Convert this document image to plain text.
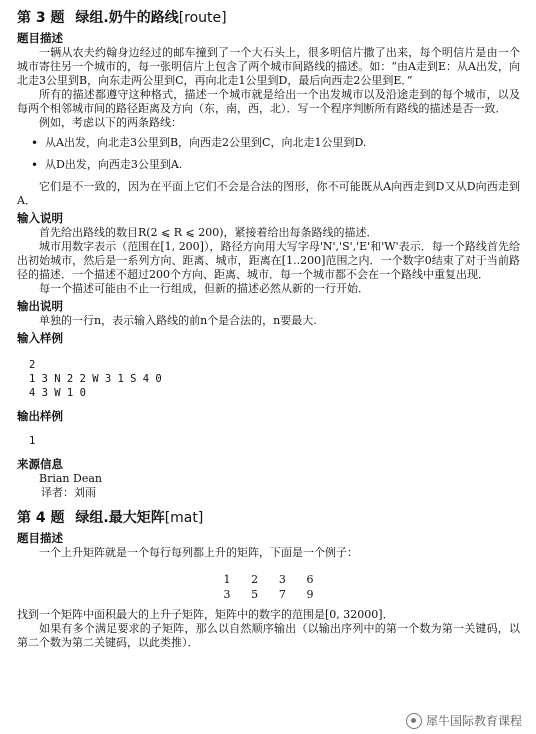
第 3 题 绿组.奶牛的路线[route]
题目描述

一辆从农夫约翰身边经过的邮车撞到了一个大石头上，很多明信片撒了出来，每个明信片是由一个城市寄往另一个城市的，每一张明信片上包含了两个城市间路线的描述。如：“由A走到E：从A出发，向北走3公里到B，向东走两公里到C，再向北走1公里到D，最后向西走2公里到E．”

所有的描述都遵守这种格式，描述一个城市就是给出一个出发城市以及沿途走到的每个城市，以及每两个相邻城市间的路径距离及方向（东，南，西，北）．写一个程序判断所有路线的描述是否一致．

例如，考虑以下的两条路线：

• 从A出发，向北走3公里到B，向西走2公里到C，向北走1公里到D.
• 从D出发，向西走3公里到A.

它们是不一致的，因为在平面上它们不会是合法的图形，你不可能既从A向西走到D又从D向西走到A．

输入说明

首先给出路线的数目R(2 ⩽ R ⩽ 200)，紧接着给出每条路线的描述．

城市用数字表示（范围在[1, 200]），路径方向用大写字母'N','S','E'和'W'表示．每一个路线首先给出初始城市，然后是一系列方向、距离、城市，距离在[1..200]范围之内．一个数字0结束了对于当前路径的描述．一个描述不超过200个方向、距离、城市．每一个城市都不会在一个路线中重复出现．

每一个描述可能由不止一行组成，但新的描述必然从新的一行开始．

输出说明

单独的一行n，表示输入路线的前n个是合法的，n要最大.

输入样例
2
1 3 N 2 2 W 3 1 S 4 0
4 3 W 1 0
输出样例
1
来源信息
Brian Dean
译者：刘雨
第 4 题 绿组.最大矩阵[mat]
题目描述

一个上升矩阵就是一个每行每列都上升的矩阵，下面是一个例子：

1 2 3 6
3 5 7 9

找到一个矩阵中面积最大的上升子矩阵，矩阵中的数字的范围是[0, 32000]．

如果有多个满足要求的子矩阵，那么以自然顺序输出（以输出序列中的第一个数为第一关键码，以第二个数为第二关键码，以此类推）．

犀牛国际教育课程
